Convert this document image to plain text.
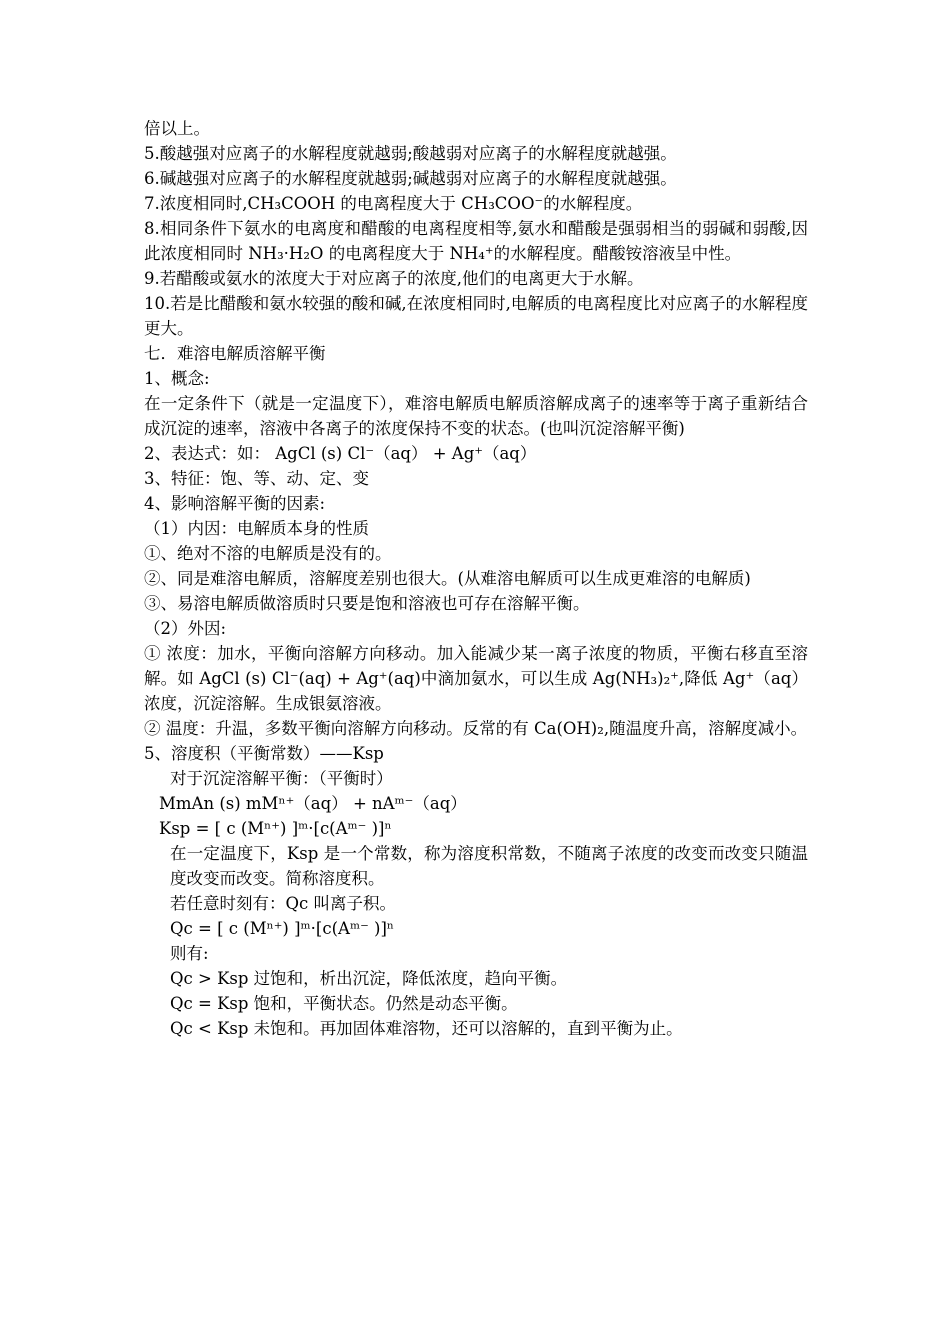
倍以上。
5.酸越强对应离子的水解程度就越弱;酸越弱对应离子的水解程度就越强。
6.碱越强对应离子的水解程度就越弱;碱越弱对应离子的水解程度就越强。
7.浓度相同时,CH₃COOH 的电离程度大于 CH₃COO⁻的水解程度。
8.相同条件下氨水的电离度和醋酸的电离程度相等,氨水和醋酸是强弱相当的弱碱和弱酸,因此浓度相同时 NH₃·H₂O 的电离程度大于 NH₄⁺的水解程度。醋酸铵溶液呈中性。
9.若醋酸或氨水的浓度大于对应离子的浓度,他们的电离更大于水解。
10.若是比醋酸和氨水较强的酸和碱,在浓度相同时,电解质的电离程度比对应离子的水解程度更大。
七．难溶电解质溶解平衡
1、概念:
在一定条件下（就是一定温度下），难溶电解质电解质溶解成离子的速率等于离子重新结合成沉淀的速率，溶液中各离子的浓度保持不变的状态。(也叫沉淀溶解平衡)
2、表达式：如： AgCl (s) Cl⁻（aq） + Ag⁺（aq）
3、特征：饱、等、动、定、变
4、影响溶解平衡的因素:
（1）内因：电解质本身的性质
①、绝对不溶的电解质是没有的。
②、同是难溶电解质，溶解度差别也很大。(从难溶电解质可以生成更难溶的电解质)
③、易溶电解质做溶质时只要是饱和溶液也可存在溶解平衡。
（2）外因:
① 浓度：加水，平衡向溶解方向移动。加入能减少某一离子浓度的物质，平衡右移直至溶解。如 AgCl (s) Cl⁻(aq) + Ag⁺(aq)中滴加氨水，可以生成 Ag(NH₃)₂⁺,降低 Ag⁺（aq）浓度，沉淀溶解。生成银氨溶液。
② 温度：升温，多数平衡向溶解方向移动。反常的有 Ca(OH)₂,随温度升高，溶解度减小。
5、溶度积（平衡常数）——Ksp
对于沉淀溶解平衡：（平衡时）
MmAn (s) mMⁿ⁺（aq） + nAᵐ⁻（aq）
Ksp = [ c (Mⁿ⁺) ]ᵐ·[c(Aᵐ⁻ )]ⁿ
在一定温度下，Ksp 是一个常数，称为溶度积常数，不随离子浓度的改变而改变只随温度改变而改变。简称溶度积。
若任意时刻有：Qc 叫离子积。
Qc = [ c (Mⁿ⁺) ]ᵐ·[c(Aᵐ⁻ )]ⁿ
则有:
Qc > Ksp 过饱和，析出沉淀，降低浓度，趋向平衡。
Qc = Ksp 饱和，平衡状态。仍然是动态平衡。
Qc < Ksp 未饱和。再加固体难溶物，还可以溶解的，直到平衡为止。
